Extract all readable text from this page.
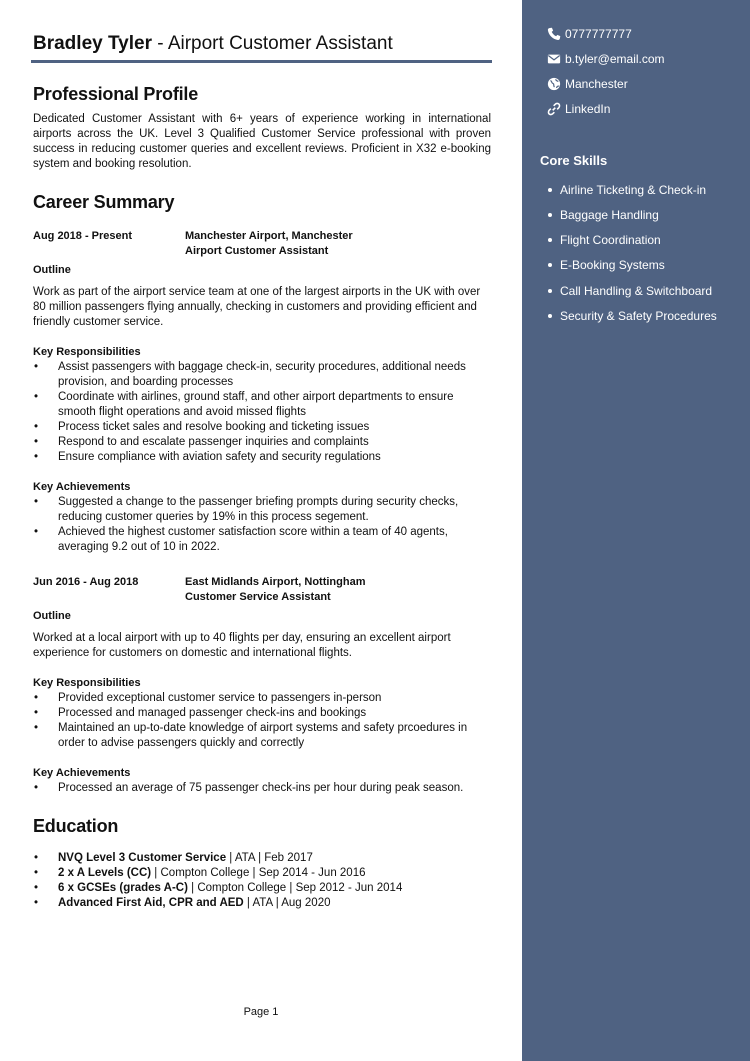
Bradley Tyler - Airport Customer Assistant
Professional Profile

Dedicated Customer Assistant with 6+ years of experience working in international airports across the UK. Level 3 Qualified Customer Service professional with proven success in reducing customer queries and excellent reviews. Proficient in X32 e-booking system and booking resolution.

Career Summary
Aug 2018 - Present	Manchester Airport, Manchester
Airport Customer Assistant
Outline

Work as part of the airport service team at one of the largest airports in the UK with over 80 million passengers flying annually, checking in customers and providing efficient and friendly customer service.

Key Responsibilities
• Assist passengers with baggage check-in, security procedures, additional needs provision, and boarding processes
• Coordinate with airlines, ground staff, and other airport departments to ensure smooth flight operations and avoid missed flights
• Process ticket sales and resolve booking and ticketing issues
• Respond to and escalate passenger inquiries and complaints
• Ensure compliance with aviation safety and security regulations
Key Achievements
• Suggested a change to the passenger briefing prompts during security checks, reducing customer queries by 19% in this process segement.
• Achieved the highest customer satisfaction score within a team of 40 agents, averaging 9.2 out of 10 in 2022.
Jun 2016 - Aug 2018	East Midlands Airport, Nottingham
Customer Service Assistant
Outline

Worked at a local airport with up to 40 flights per day, ensuring an excellent airport experience for customers on domestic and international flights.

Key Responsibilities
• Provided exceptional customer service to passengers in-person
• Processed and managed passenger check-ins and bookings
• Maintained an up-to-date knowledge of airport systems and safety prcoedures in order to advise passengers quickly and correctly
Key Achievements
• Processed an average of 75 passenger check-ins per hour during peak season.
Education
• NVQ Level 3 Customer Service | ATA | Feb 2017
• 2 x A Levels (CC) | Compton College | Sep 2014 - Jun 2016
• 6 x GCSEs (grades A-C) | Compton College | Sep 2012 - Jun 2014
• Advanced First Aid, CPR and AED | ATA | Aug 2020
Page 1
0777777777
b.tyler@email.com
Manchester
LinkedIn
Core Skills
Airline Ticketing & Check-in
Baggage Handling
Flight Coordination
E-Booking Systems
Call Handling & Switchboard
Security & Safety Procedures
